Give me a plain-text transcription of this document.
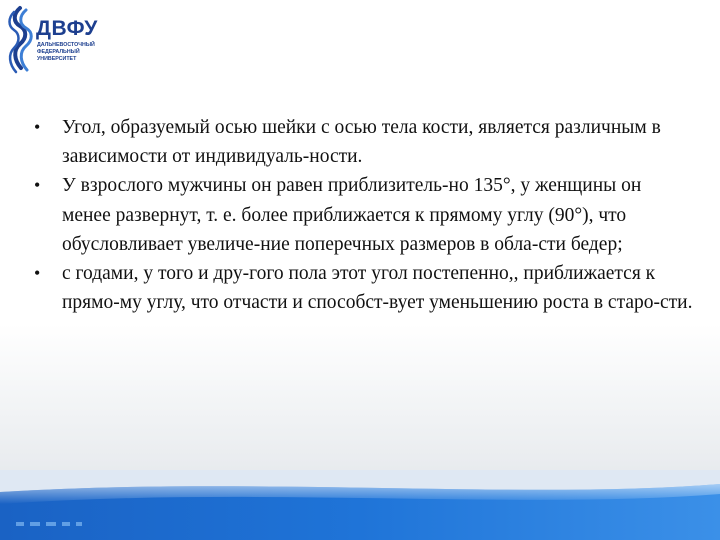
ДВФУ
ДАЛЬНЕВОСТОЧНЫЙ
ФЕДЕРАЛЬНЫЙ
УНИВЕРСИТЕТ

• Угол, образуемый осью шейки с осью тела кости, является различным в зависимости от индивидуаль-ности.

• У взрослого мужчины он равен приблизитель-но 135°, у женщины он менее развернут, т. е. более приближается к прямому углу (90°), что обусловливает увеличе-ние поперечных размеров в обла-сти бедер;

• с годами, у того и дру-гого пола этот угол постепенно,, приближается к прямо-му углу, что отчасти и способст-вует уменьшению роста в старо-сти.
